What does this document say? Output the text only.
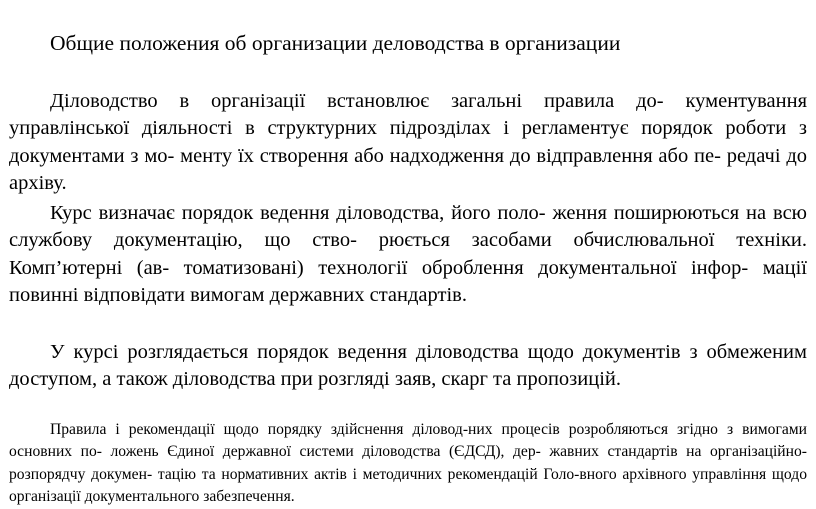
Общие положения об организации деловодства в организации

Діловодство в організації встановлює загальні правила до- кументування управлінської діяльності в структурних підрозділах і регламентує порядок роботи з документами з мо- менту їх створення або надходження до відправлення або пе- редачі до архіву.

Курс визначає порядок ведення діловодства, його поло- ження поширюються на всю службову документацію, що ство- рюється засобами обчислювальної техніки. Комп’ютерні (ав- томатизовані) технології оброблення документальної інфор- мації повинні відповідати вимогам державних стандартів.

У курсі розглядається порядок ведення діловодства щодо документів з обмеженим доступом, а також діловодства при розгляді заяв, скарг та пропозицій.

Правила і рекомендації щодо порядку здійснення діловод-них процесів розробляються згідно з вимогами основних по- ложень Єдиної державної системи діловодства (ЄДСД), дер- жавних стандартів на організаційно-розпорядчу докумен- тацію та нормативних актів і методичних рекомендацій Голо-вного архівного управління щодо організації документального забезпечення.
